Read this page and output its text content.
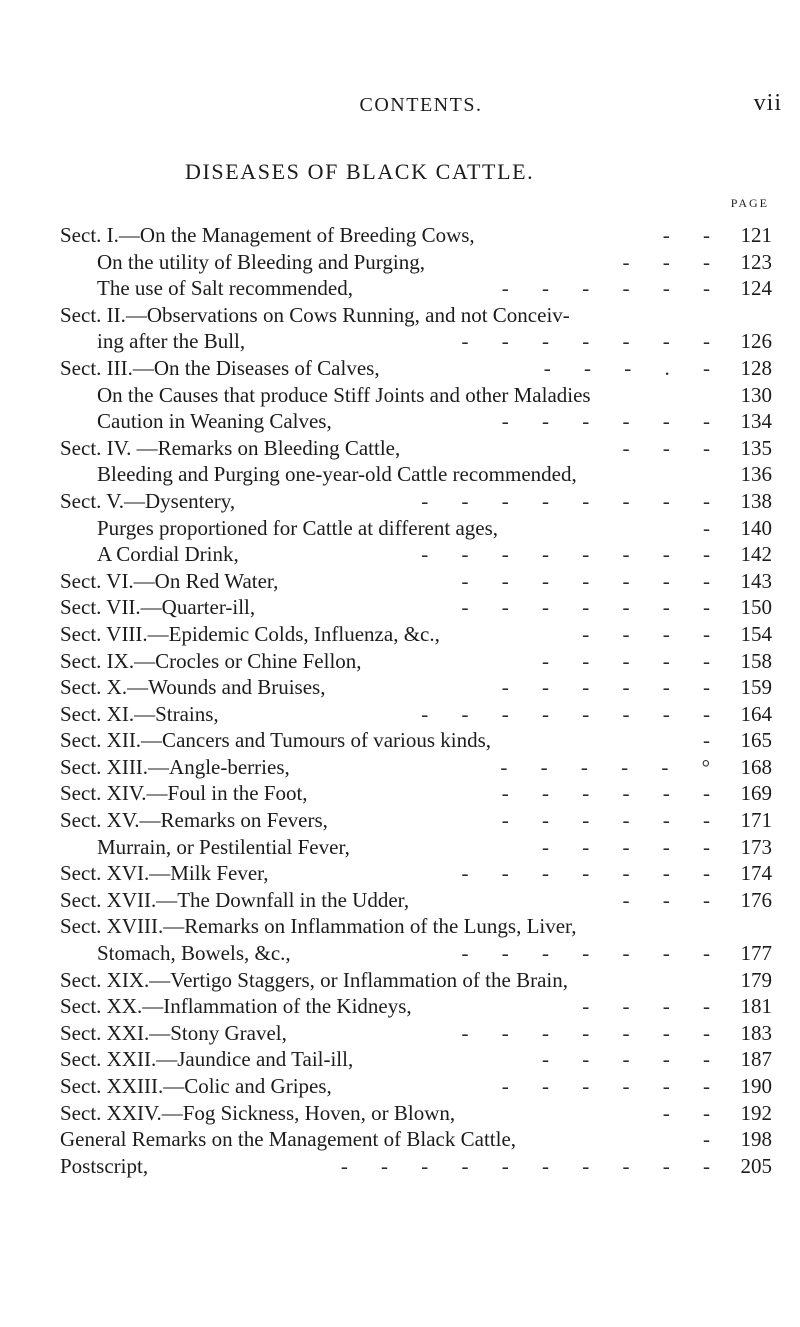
CONTENTS.	vii
DISEASES OF BLACK CATTLE.
PAGE
Sect. I.—On the Management of Breeding Cows,	- - 121
On the utility of Bleeding and Purging,	- - - 123
The use of Salt recommended,	- - - - - - 124
Sect. II.—Observations on Cows Running, and not Conceiv-
ing after the Bull,	- - - - - - - 126
Sect. III.—On the Diseases of Calves,	- - - . - 128
On the Causes that produce Stiff Joints and other Maladies	130
Caution in Weaning Calves,	- - - - - - 134
Sect. IV. —Remarks on Bleeding Cattle,	- - - 135
Bleeding and Purging one-year-old Cattle recommended,	136
Sect. V.—Dysentery,	- - - - - - - - 138
Purges proportioned for Cattle at different ages,	- 140
A Cordial Drink,	- - - - - - - - 142
Sect. VI.—On Red Water,	- - - - - - - 143
Sect. VII.—Quarter-ill,	- - - - - - - 150
Sect. VIII.—Epidemic Colds, Influenza, &c.,	- - - - 154
Sect. IX.—Crocles or Chine Fellon,	- - - - - 158
Sect. X.—Wounds and Bruises,	- - - - - - 159
Sect. XI.—Strains,	- - - - - - - - 164
Sect. XII.—Cancers and Tumours of various kinds,	- 165
Sect. XIII.—Angle-berries,	- - - - - ° 168
Sect. XIV.—Foul in the Foot,	- - - - - - 169
Sect. XV.—Remarks on Fevers,	- - - - - - 171
Murrain, or Pestilential Fever,	- - - - - 173
Sect. XVI.—Milk Fever,	- - - - - - - 174
Sect. XVII.—The Downfall in the Udder,	- - - 176
Sect. XVIII.—Remarks on Inflammation of the Lungs, Liver,
Stomach, Bowels, &c.,	- - - - - - - 177
Sect. XIX.—Vertigo Staggers, or Inflammation of the Brain,	179
Sect. XX.—Inflammation of the Kidneys,	- - - - 181
Sect. XXI.—Stony Gravel,	- - - - - - - 183
Sect. XXII.—Jaundice and Tail-ill,	- - - - - 187
Sect. XXIII.—Colic and Gripes,	- - - - - - 190
Sect. XXIV.—Fog Sickness, Hoven, or Blown,	- - 192
General Remarks on the Management of Black Cattle,	- 198
Postscript,	- - - - - - - - - - 205
